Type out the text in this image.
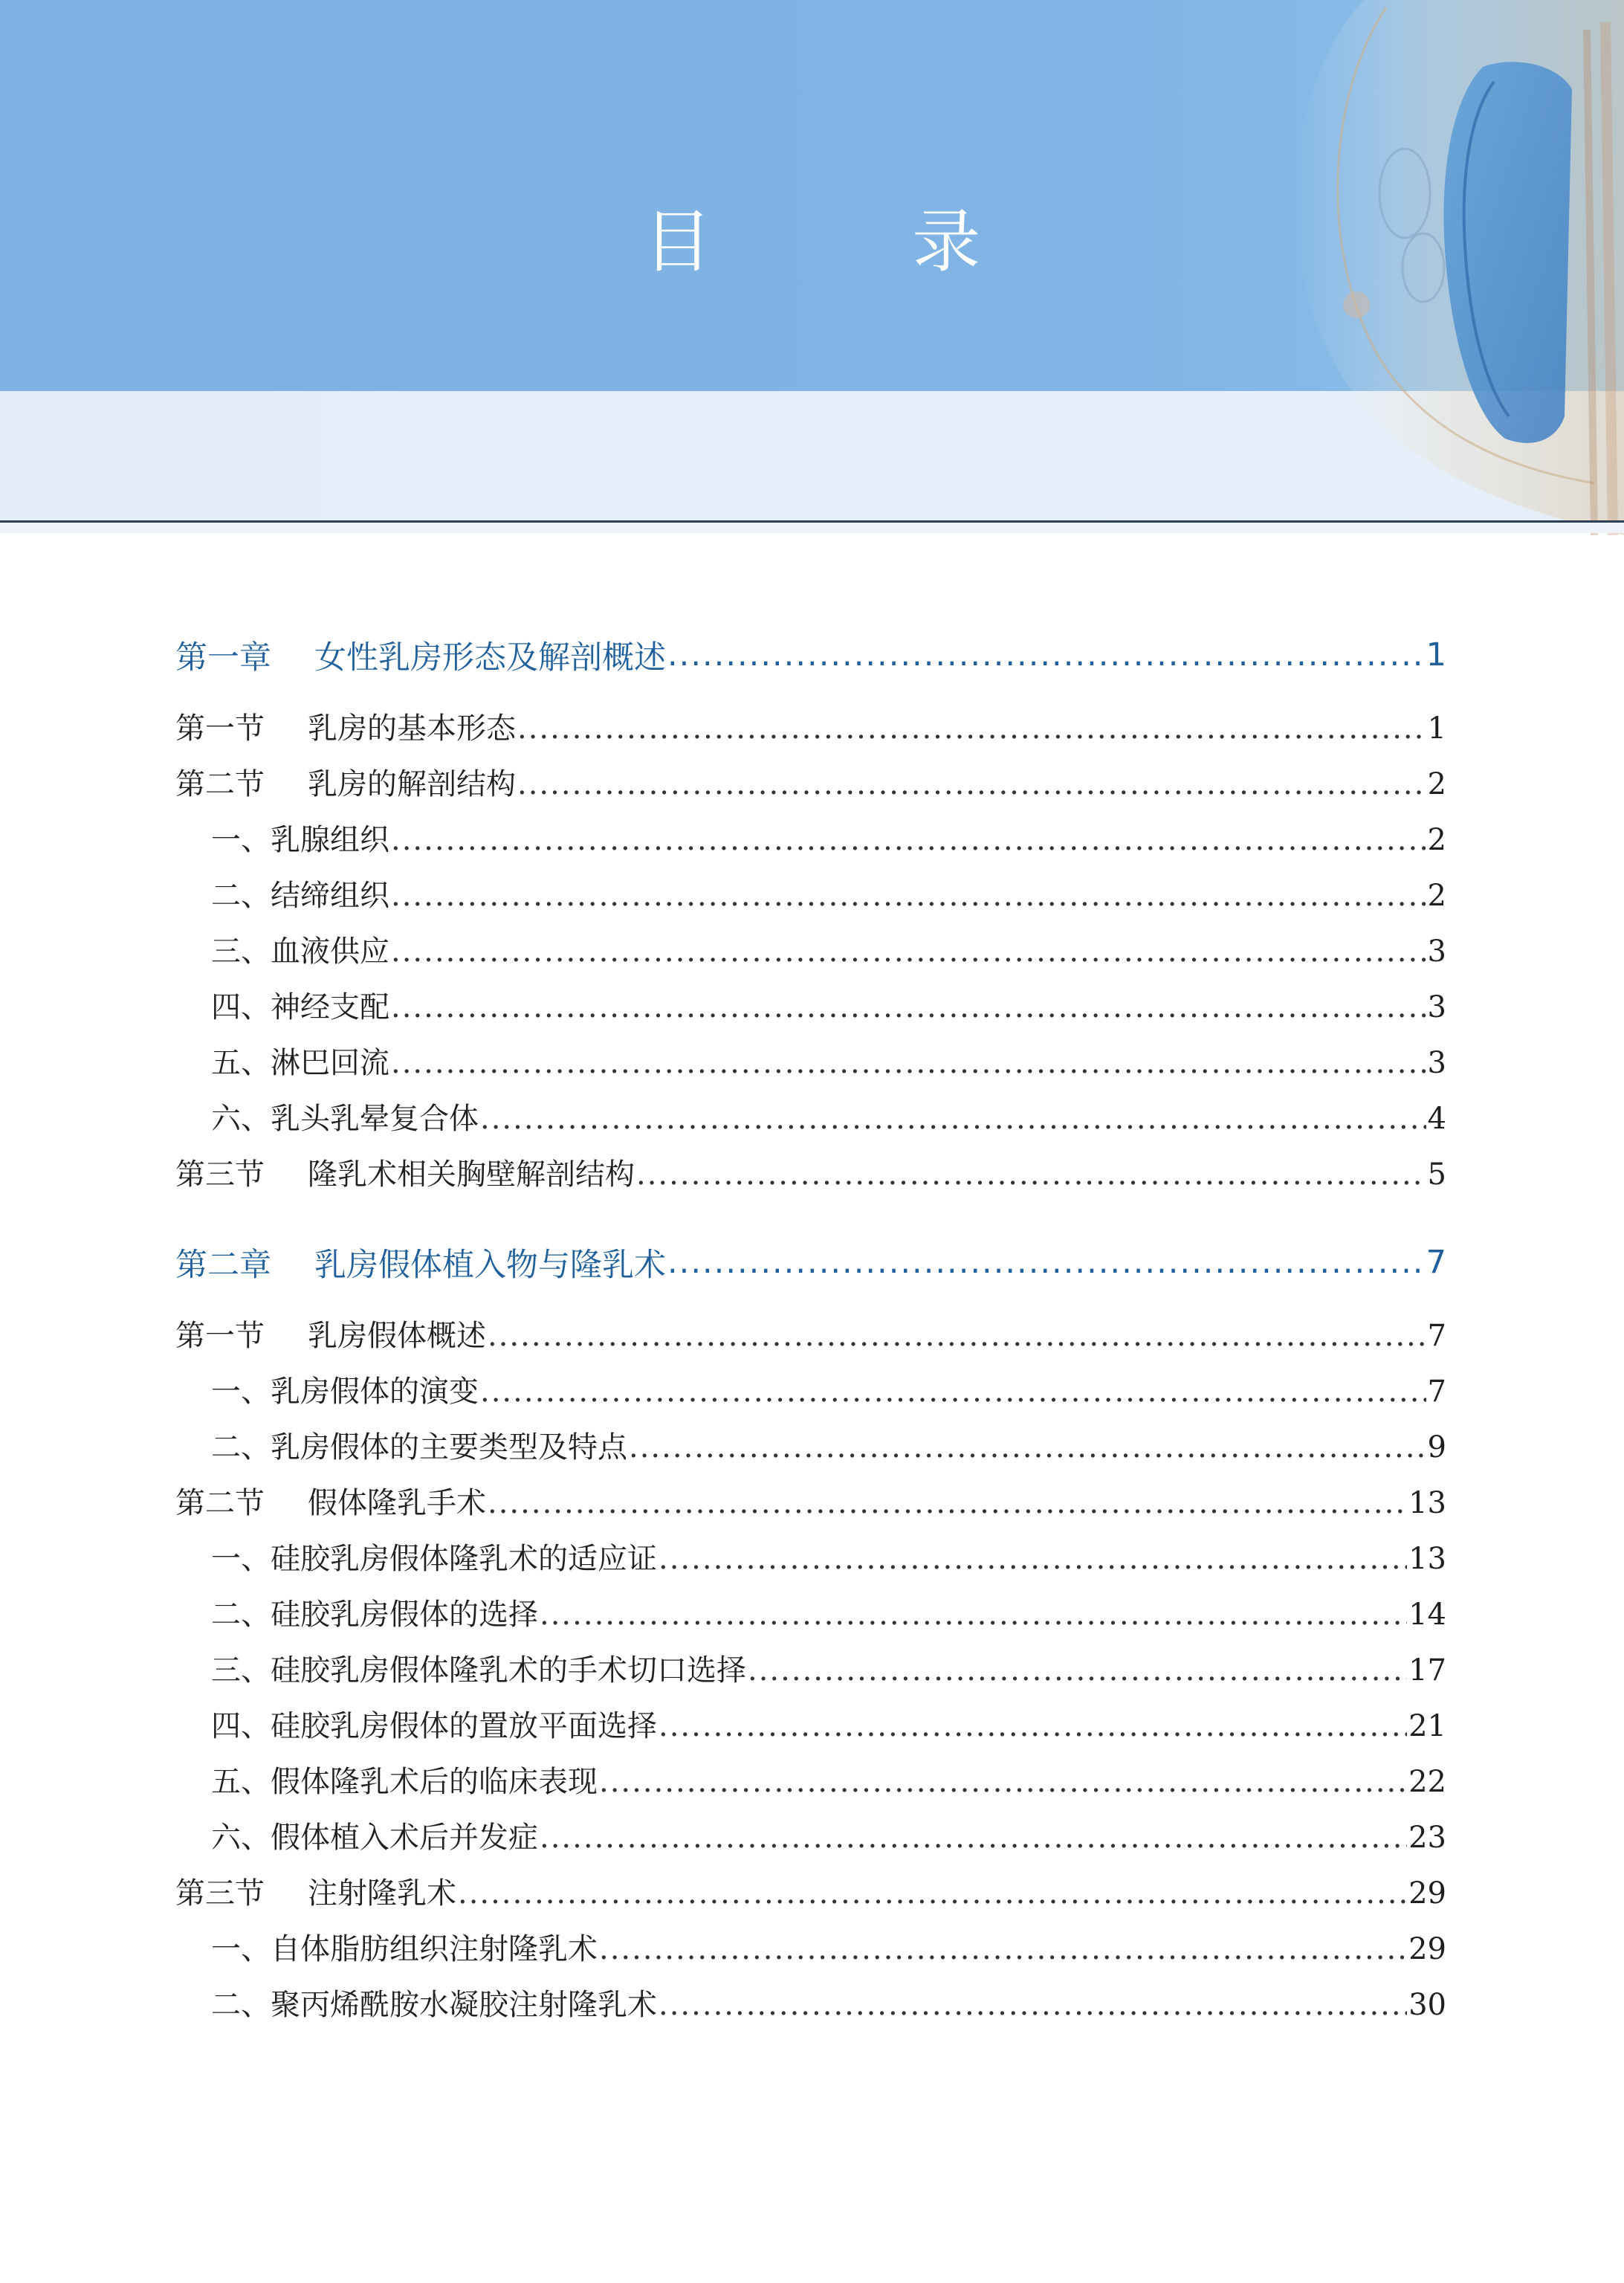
目 录
第一章 女性乳房形态及解剖概述 .....	1
第一节 乳房的基本形态 .....	1
第二节 乳房的解剖结构 .....	2
一、乳腺组织 .....	2
二、结缔组织 .....	2
三、血液供应 .....	3
四、神经支配 .....	3
五、淋巴回流 .....	3
六、乳头乳晕复合体 .....	4
第三节 隆乳术相关胸壁解剖结构 .....	5
第二章 乳房假体植入物与隆乳术 .....	7
第一节 乳房假体概述 .....	7
一、乳房假体的演变 .....	7
二、乳房假体的主要类型及特点 .....	9
第二节 假体隆乳手术 .....	13
一、硅胶乳房假体隆乳术的适应证 .....	13
二、硅胶乳房假体的选择 .....	14
三、硅胶乳房假体隆乳术的手术切口选择 .....	17
四、硅胶乳房假体的置放平面选择 .....	21
五、假体隆乳术后的临床表现 .....	22
六、假体植入术后并发症 .....	23
第三节 注射隆乳术 .....	29
一、自体脂肪组织注射隆乳术 .....	29
二、聚丙烯酰胺水凝胶注射隆乳术 .....	30
